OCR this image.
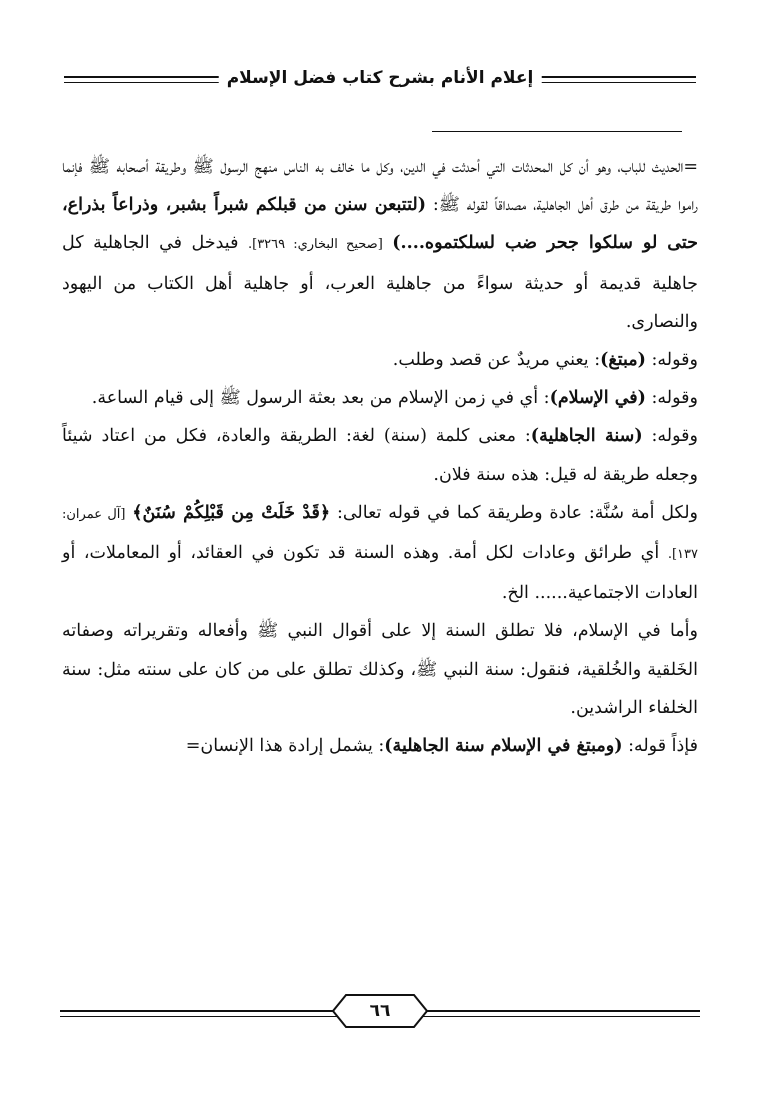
إعلام الأنام بشرح كتاب فضل الإسلام

=الحديث للباب، وهو أن كل المحدثات التي أحدثت في الدين، وكل ما خالف به الناس منهج الرسول ﷺ وطريقة أصحابه ﷺ فإنما راموا طريقة من طرق أهل الجاهلية، مصداقاً لقوله ﷺ: (لتتبعن سنن من قبلكم شبراً بشبر، وذراعاً بذراع، حتى لو سلكوا جحر ضب لسلكتموه....) [صحيح البخاري: ٣٢٦٩]. فيدخل في الجاهلية كل جاهلية قديمة أو حديثة سواءً من جاهلية العرب، أو جاهلية أهل الكتاب من اليهود والنصارى.

وقوله: (مبتغ): يعني مريدٌ عن قصد وطلب.

وقوله: (في الإسلام): أي في زمن الإسلام من بعد بعثة الرسول ﷺ إلى قيام الساعة.

وقوله: (سنة الجاهلية): معنى كلمة (سنة) لغة: الطريقة والعادة، فكل من اعتاد شيئاً وجعله طريقة له قيل: هذه سنة فلان.

ولكل أمة سُنَّة: عادة وطريقة كما في قوله تعالى: ﴿قَدْ خَلَتْ مِن قَبْلِكُمْ سُنَنٌ﴾ [آل عمران: ١٣٧]. أي طرائق وعادات لكل أمة. وهذه السنة قد تكون في العقائد، أو المعاملات، أو العادات الاجتماعية...... الخ.

وأما في الإسلام، فلا تطلق السنة إلا على أقوال النبي ﷺ وأفعاله وتقريراته وصفاته الخَلقية والخُلقية، فنقول: سنة النبي ﷺ، وكذلك تطلق على من كان على سنته مثل: سنة الخلفاء الراشدين.

فإذاً قوله: (ومبتغ في الإسلام سنة الجاهلية): يشمل إرادة هذا الإنسان=

٦٦
